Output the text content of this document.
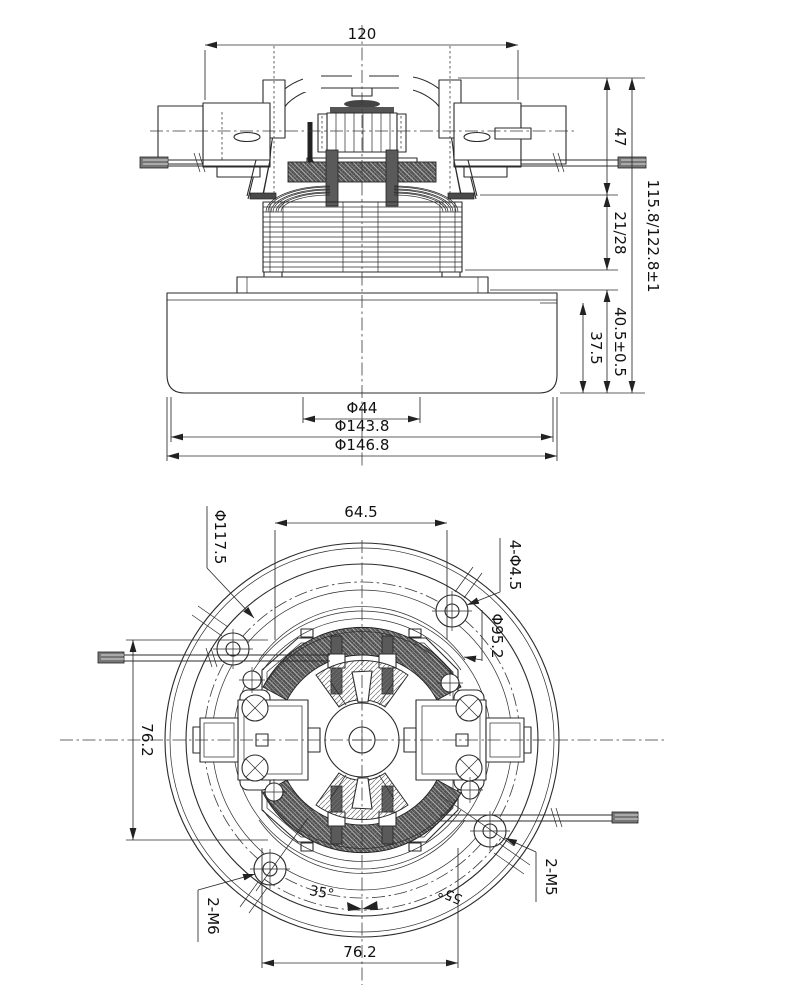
120
47
21/28 115.8/122.8±1
40.5±0.5
37.5
Φ44
Φ143.8
Φ146.8
35°	55°
64.5
Φ117.5
4-Φ4.5
Φ95.2
2-M5
2-M6
76.2
76.2
